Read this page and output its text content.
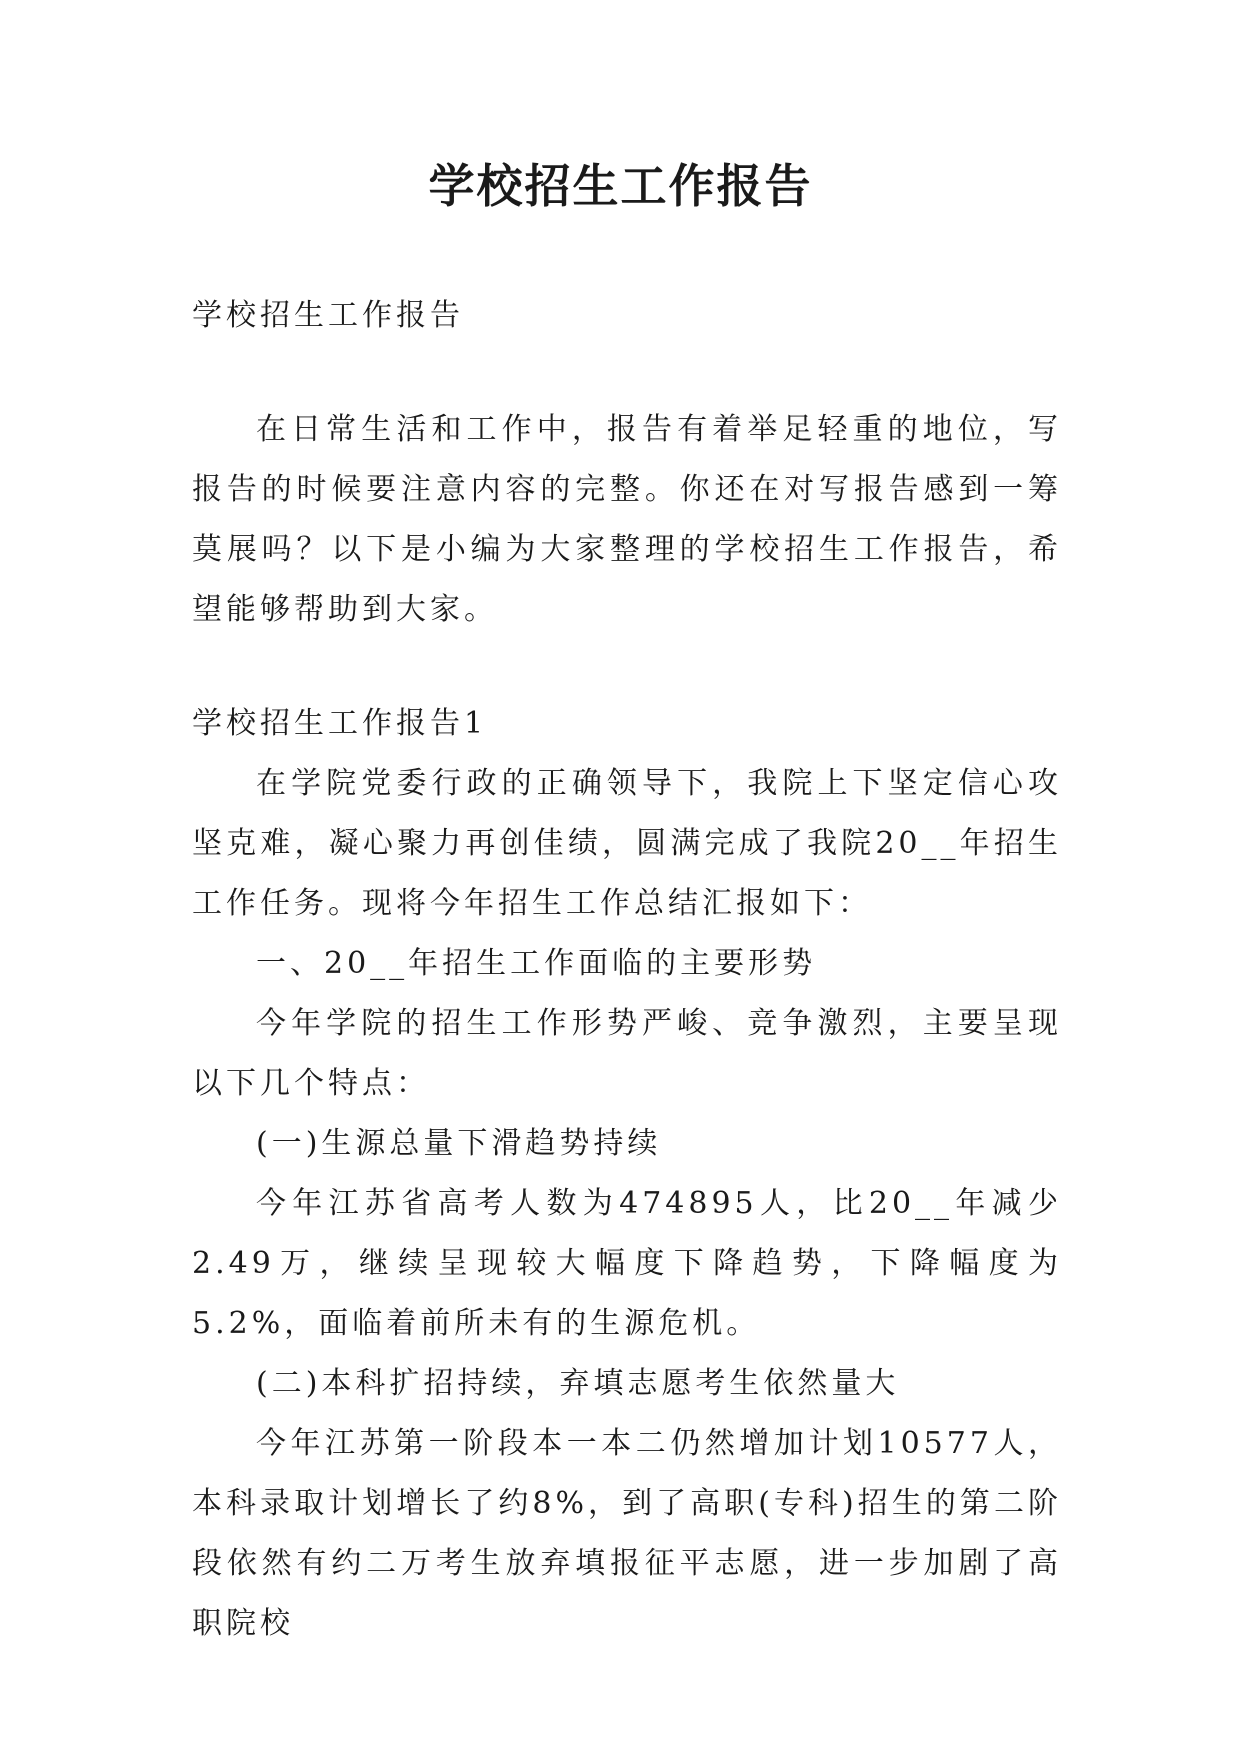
学校招生工作报告

学校招生工作报告

在日常生活和工作中，报告有着举足轻重的地位，写报告的时候要注意内容的完整。你还在对写报告感到一筹莫展吗？以下是小编为大家整理的学校招生工作报告，希望能够帮助到大家。

学校招生工作报告1

在学院党委行政的正确领导下，我院上下坚定信心攻坚克难，凝心聚力再创佳绩，圆满完成了我院20__年招生工作任务。现将今年招生工作总结汇报如下：

一、20__年招生工作面临的主要形势

今年学院的招生工作形势严峻、竞争激烈，主要呈现以下几个特点：

(一)生源总量下滑趋势持续

今年江苏省高考人数为474895人，比20__年减少2.49万，继续呈现较大幅度下降趋势，下降幅度为5.2%，面临着前所未有的生源危机。

(二)本科扩招持续，弃填志愿考生依然量大

今年江苏第一阶段本一本二仍然增加计划10577人，本科录取计划增长了约8%，到了高职(专科)招生的第二阶段依然有约二万考生放弃填报征平志愿，进一步加剧了高职院校
